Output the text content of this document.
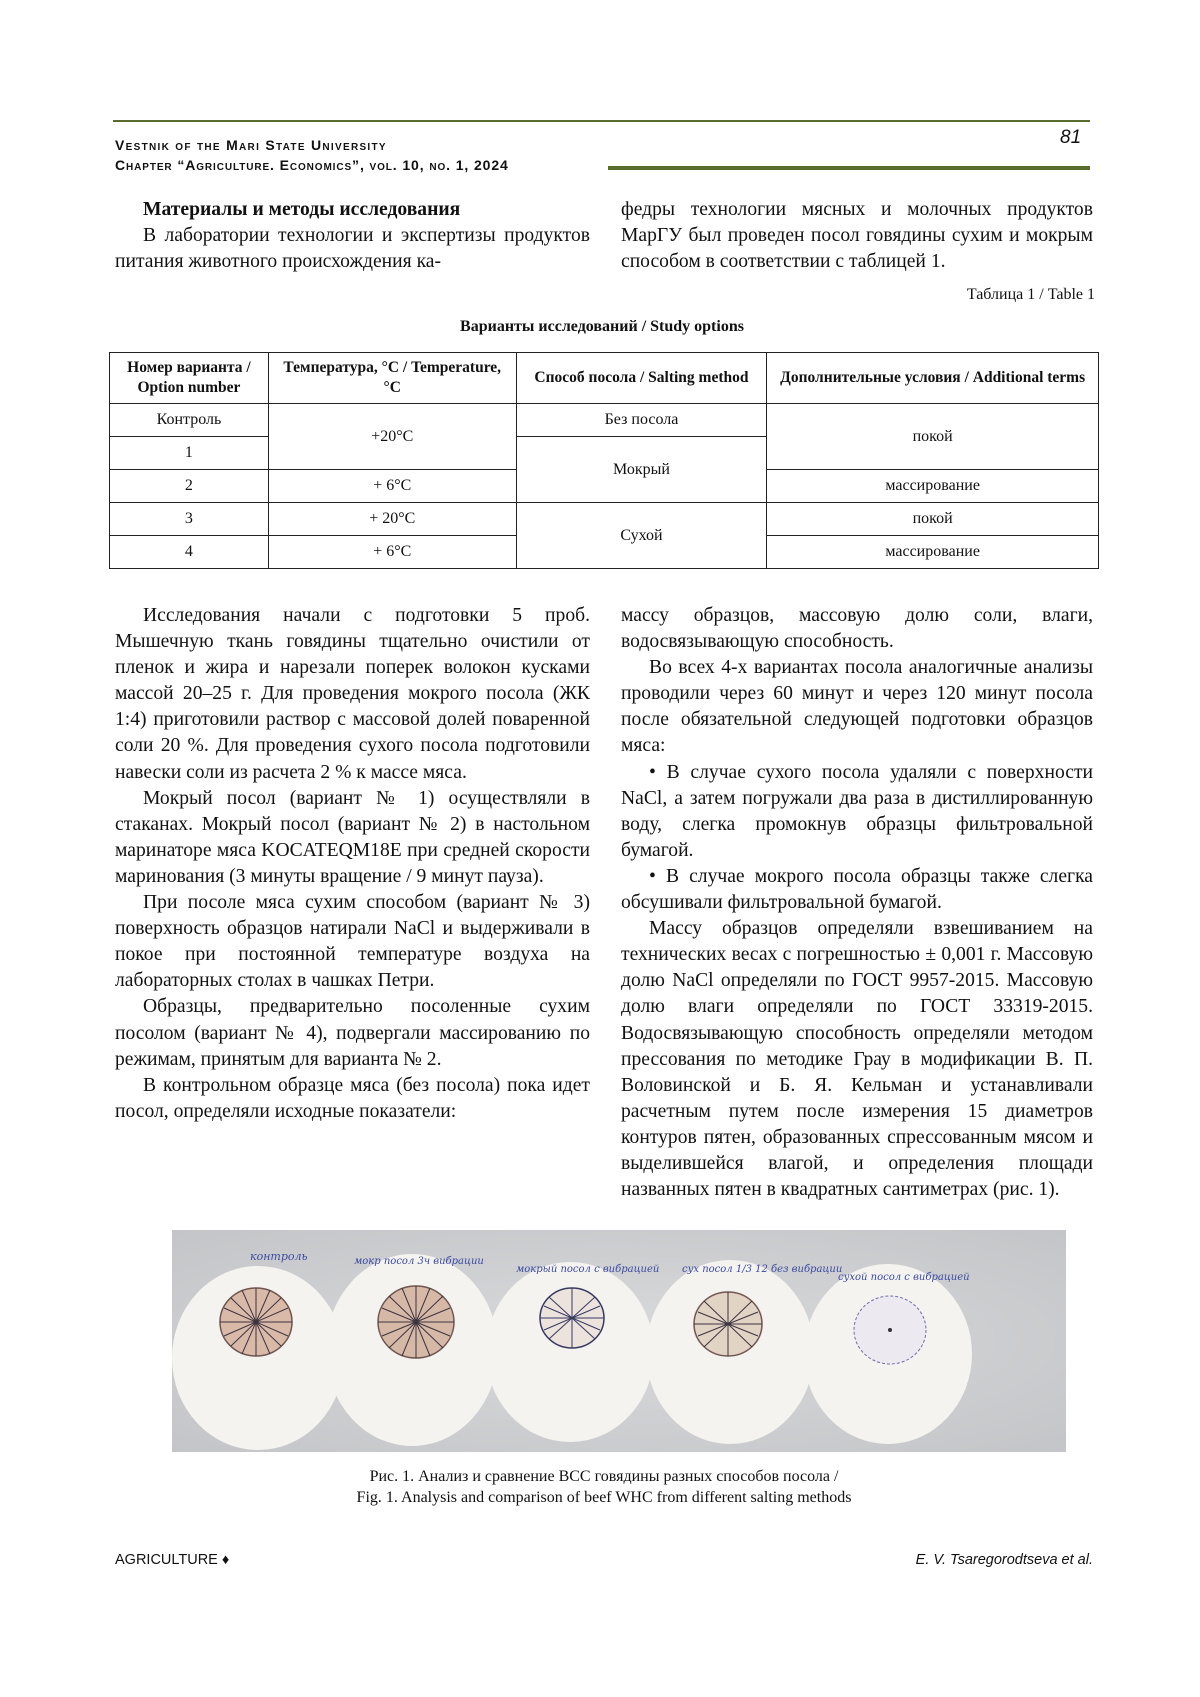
Vestnik of the Mari State University
Chapter “Agriculture. Economics”, vol. 10, no. 1, 2024
81

Материалы и методы исследования

В лаборатории технологии и экспертизы продуктов питания животного происхождения ка-

федры технологии мясных и молочных продуктов МарГУ был проведен посол говядины сухим и мокрым способом в соответствии с таблицей 1.

Таблица 1 / Table 1
Варианты исследований / Study options
Номер варианта / Option number	Температура, °С / Temperature, °C	Способ посола / Salting method	Дополнительные условия / Additional terms
Контроль	+20°C	Без посола	покой
1		Мокрый	
2	+ 6°C		массирование
3	+ 20°C	Сухой	покой
4	+ 6°C		массирование

Исследования начали с подготовки 5 проб. Мышечную ткань говядины тщательно очистили от пленок и жира и нарезали поперек волокон кусками массой 20–25 г. Для проведения мокрого посола (ЖК 1:4) приготовили раствор с массовой долей поваренной соли 20 %. Для проведения сухого посола подготовили навески соли из расчета 2 % к массе мяса.

Мокрый посол (вариант № 1) осуществляли в стаканах. Мокрый посол (вариант № 2) в настольном маринаторе мяса KOCATEQM18E при средней скорости маринования (3 минуты вращение / 9 минут пауза).

При посоле мяса сухим способом (вариант № 3) поверхность образцов натирали NaCl и выдерживали в покое при постоянной температуре воздуха на лабораторных столах в чашках Петри.

Образцы, предварительно посоленные сухим посолом (вариант № 4), подвергали массированию по режимам, принятым для варианта № 2.

В контрольном образце мяса (без посола) пока идет посол, определяли исходные показатели:

массу образцов, массовую долю соли, влаги, водосвязывающую способность.

Во всех 4-х вариантах посола аналогичные анализы проводили через 60 минут и через 120 минут посола после обязательной следующей подготовки образцов мяса:

• В случае сухого посола удаляли с поверхности NaCl, а затем погружали два раза в дистиллированную воду, слегка промокнув образцы фильтровальной бумагой.

• В случае мокрого посола образцы также слегка обсушивали фильтровальной бумагой.

Массу образцов определяли взвешиванием на технических весах с погрешностью ± 0,001 г. Массовую долю NaCl определяли по ГОСТ 9957-2015. Массовую долю влаги определяли по ГОСТ 33319-2015. Водосвязывающую способность определяли методом прессования по методике Грау в модификации В. П. Воловинской и Б. Я. Кельман и устанавливали расчетным путем после измерения 15 диаметров контуров пятен, образованных спрессованным мясом и выделившейся влагой, и определения площади названных пятен в квадратных сантиметрах (рис. 1).

контроль	мокр посол 3ч вибрации
мокрый посол с вибрацией сух посол 1/3 12 без вибрации
сухой посол с вибрацией
Рис. 1. Анализ и сравнение ВСС говядины разных способов посола /
Fig. 1. Analysis and comparison of beef WHC from different salting methods
AGRICULTURE ♦	E. V. Tsaregorodtseva et al.
